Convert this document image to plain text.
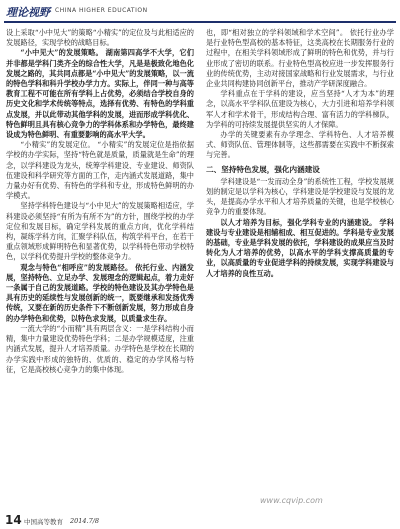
理论视野 CHINA HIGHER EDUCATION

设上采取“小中见大”的策略“小精实”的定位及与此相适应的发展路径，实现学校的战略目标。

“小中见大”的发展策略。 湖南第四高学不大学，它们并非都是学科门类齐全的综合性大学，凡是是极致化地色化发展之路的，其共同点都是“小中见大”的发展策略，以一流的特色学科和科升学校办学力方。实际上，伴同一种与高等教育工程不可能在所有学科上占优势，必须结合学校自身的历史文化和学术传统等特点，选择有优势、有特色的学科重点发展，并以此带动其他学科的发展，进而形成学科优化、特色鲜明且具有核心竞争力的学科体系和办学特色，最终建设成为特色鲜明、有重要影响的高水平大学。

“小精实”的发展定位。 “小精实”的发展定位是指依据学校的办学实际，坚持“特色就是质量，质量就是生命”的理念，以学科建设为龙头，统筹学科建设、专业建设、师资队伍建设和科学研究等方面的工作，走内涵式发展道路，集中力量办好有优势、有特色的学科和专业，形成特色鲜明的办学模式。

坚持学科特色建设与“小中见大”的发展策略相适应，学科建设必须坚持“有所为有所不为”的方针，围绕学校的办学定位和发展目标，确定学科发展的重点方向，优化学科结构，凝练学科方向，汇聚学科队伍，构筑学科平台，在若干重点领域形成鲜明特色和显著优势，以学科特色带动学校特色，以学科优势提升学校的整体竞争力。

观念与特色“相呼应”的发展路径。 依托行业、内涵发展，坚持特色、立足办学、发展理念的逻辑起点，着力走好一条属于自己的发展道路。学校的特色建设及其办学特色是具有历史的延续性与发展创新的统一，既要继承和发扬优秀传统，又要在新的历史条件下不断创新发展，努力形成自身的办学特色和优势，以特色求发展，以质量求生存。

一流大学的“小而精”具有两层含义：一是学科结构小而精，集中力量建设优势特色学科；二是办学规模适度，注重内涵式发展，提升人才培养质量。办学特色是学校在长期的办学实践中形成的独特的、优质的、稳定的办学风格与特征，它是高校核心竞争力的集中体现。

也，即“相对独立的学科领域和学术空间”。 依托行业办学是行业特色型高校的基本特征，这类高校在长期服务行业的过程中，在相关学科领域形成了鲜明的特色和优势，并与行业形成了密切的联系。行业特色型高校应进一步发挥服务行业的传统优势，主动对接国家战略和行业发展需求，与行业企业共同构建协同创新平台，推动产学研深度融合。

学科重点在于学科的建设，应当坚持“人才为本”的理念，以高水平学科队伍建设为核心，大力引进和培养学科领军人才和学术骨干，形成结构合理、富有活力的学科梯队，为学科的可持续发展提供坚实的人才保障。

办学的关键要素有办学理念、学科特色、人才培养模式、师资队伍、管理体制等，这些都需要在实践中不断探索与完善。

二、坚持特色发展，强化内涵建设

学科建设是“一发而动全身”的系统性工程，学校发展规划的制定是以学科为核心，学科建设是学校建设与发展的龙头，是提高办学水平和人才培养质量的关键，也是学校核心竞争力的重要体现。

以人才培养为目标，强化学科专业的内涵建设。 学科建设与专业建设是相辅相成、相互促进的。学科是专业发展的基础，专业是学科发展的依托，学科建设的成果应当及时转化为人才培养的优势，以高水平的学科支撑高质量的专业，以高质量的专业促进学科的持续发展，实现学科建设与人才培养的良性互动。

www.cqvip.com
14 中国高等教育 2014.7/8
